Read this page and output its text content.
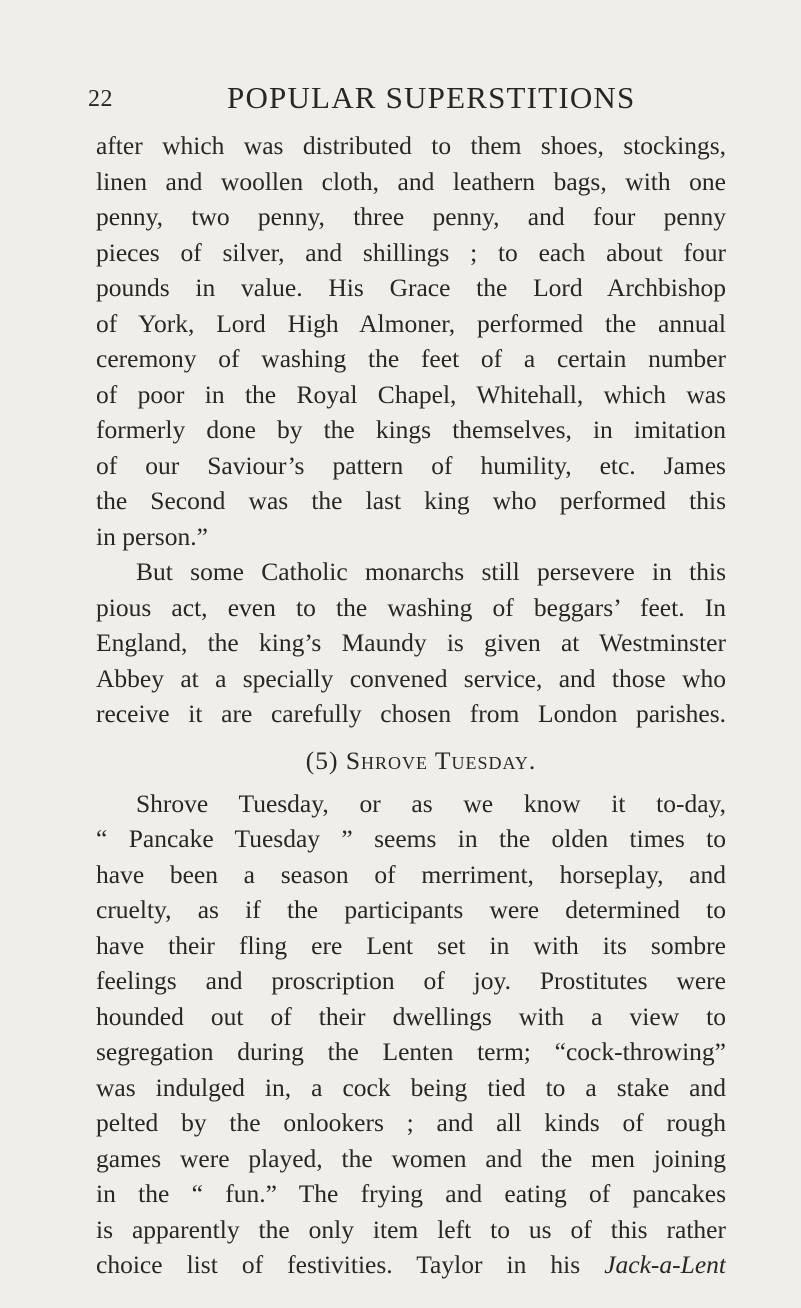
22	POPULAR SUPERSTITIONS
after which was distributed to them shoes, stockings,
linen and woollen cloth, and leathern bags, with one
penny, two penny, three penny, and four penny
pieces of silver, and shillings ; to each about four
pounds in value. His Grace the Lord Archbishop
of York, Lord High Almoner, performed the annual
ceremony of washing the feet of a certain number
of poor in the Royal Chapel, Whitehall, which was
formerly done by the kings themselves, in imitation
of our Saviour’s pattern of humility, etc. James
the Second was the last king who performed this
in person.”
But some Catholic monarchs still persevere in this
pious act, even to the washing of beggars’ feet. In
England, the king’s Maundy is given at Westminster
Abbey at a specially convened service, and those who
receive it are carefully chosen from London parishes.
(5) Shrove Tuesday.
Shrove Tuesday, or as we know it to-day,
“ Pancake Tuesday ” seems in the olden times to
have been a season of merriment, horseplay, and
cruelty, as if the participants were determined to
have their fling ere Lent set in with its sombre
feelings and proscription of joy. Prostitutes were
hounded out of their dwellings with a view to
segregation during the Lenten term; “cock-throwing”
was indulged in, a cock being tied to a stake and
pelted by the onlookers ; and all kinds of rough
games were played, the women and the men joining
in the “ fun.” The frying and eating of pancakes
is apparently the only item left to us of this rather
choice list of festivities. Taylor in his Jack-a-Lent
